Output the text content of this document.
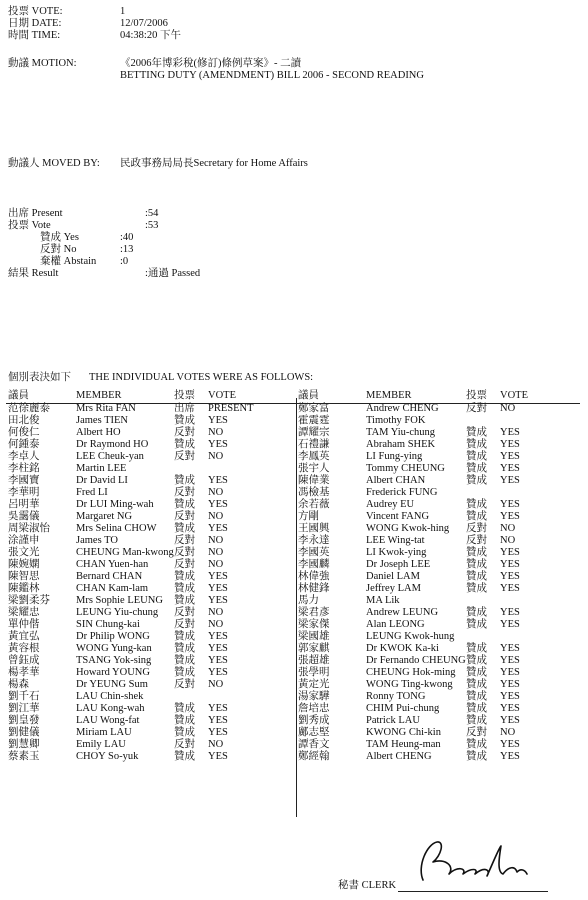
投票 VOTE:	1
日期 DATE:	12/07/2006
時間 TIME:	04:38:20 下午
動議 MOTION:	《2006年博彩稅(修訂)條例草案》- 二讀
BETTING DUTY (AMENDMENT) BILL 2006 - SECOND READING
動議人 MOVED BY:	民政事務局局長Secretary for Home Affairs
出席 Present	:54
投票 Vote	:53
贊成 Yes	:40
反對 No	:13
棄權 Abstain	:0
結果 Result	:通過 Passed
個別表決如下 THE INDIVIDUAL VOTES WERE AS FOLLOWS:
議員	MEMBER	投票	VOTE
范徐麗泰	Mrs Rita FAN	出席	PRESENT
田北俊	James TIEN	贊成	YES
何俊仁	Albert HO	反對	NO
何鍾泰	Dr Raymond HO	贊成	YES
李卓人	LEE Cheuk-yan	反對	NO
李柱銘	Martin LEE
李國寶	Dr David LI	贊成	YES
李華明	Fred LI	反對	NO
呂明華	Dr LUI Ming-wah	贊成	YES
吳靄儀	Margaret NG	反對	NO
周梁淑怡	Mrs Selina CHOW	贊成	YES
涂謹申	James TO	反對	NO
張文光	CHEUNG Man-kwong 反對	NO
陳婉嫻	CHAN Yuen-han	反對	NO
陳智思	Bernard CHAN	贊成	YES
陳鑑林	CHAN Kam-lam	贊成	YES
梁劉柔芬	Mrs Sophie LEUNG	贊成	YES
梁耀忠	LEUNG Yiu-chung	反對	NO
單仲偕	SIN Chung-kai	反對	NO
黃宜弘	Dr Philip WONG	贊成	YES
黃容根	WONG Yung-kan	贊成	YES
曾鈺成	TSANG Yok-sing	贊成	YES
楊孝華	Howard YOUNG	贊成	YES
楊森	Dr YEUNG Sum	反對	NO
劉千石	LAU Chin-shek
劉江華	LAU Kong-wah	贊成	YES
劉皇發	LAU Wong-fat	贊成	YES
劉健儀	Miriam LAU	贊成	YES
劉慧卿	Emily LAU	反對	NO
蔡素玉	CHOY So-yuk	贊成	YES
議員	MEMBER	投票	VOTE
鄭家富	Andrew CHENG	反對	NO
霍震霆	Timothy FOK
譚耀宗	TAM Yiu-chung	贊成	YES
石禮謙	Abraham SHEK	贊成	YES
李鳳英	LI Fung-ying	贊成	YES
張宇人	Tommy CHEUNG	贊成	YES
陳偉業	Albert CHAN	贊成	YES
馮檢基	Frederick FUNG
余若薇	Audrey EU	贊成	YES
方剛	Vincent FANG	贊成	YES
王國興	WONG Kwok-hing	反對	NO
李永達	LEE Wing-tat	反對	NO
李國英	LI Kwok-ying	贊成	YES
李國麟	Dr Joseph LEE	贊成	YES
林偉強	Daniel LAM	贊成	YES
林健鋒	Jeffrey LAM	贊成	YES
馬力	MA Lik
梁君彥	Andrew LEUNG	贊成	YES
梁家傑	Alan LEONG	贊成	YES
梁國雄	LEUNG Kwok-hung
郭家麒	Dr KWOK Ka-ki	贊成	YES
張超雄	Dr Fernando CHEUNG 贊成	YES
張學明	CHEUNG Hok-ming 贊成	YES
黃定光	WONG Ting-kwong	贊成	YES
湯家驊	Ronny TONG	贊成	YES
詹培忠	CHIM Pui-chung	贊成	YES
劉秀成	Patrick LAU	贊成	YES
鄺志堅	KWONG Chi-kin	反對	NO
譚香文	TAM Heung-man	贊成	YES
鄭經翰	Albert CHENG	贊成	YES
秘書 CLERK
